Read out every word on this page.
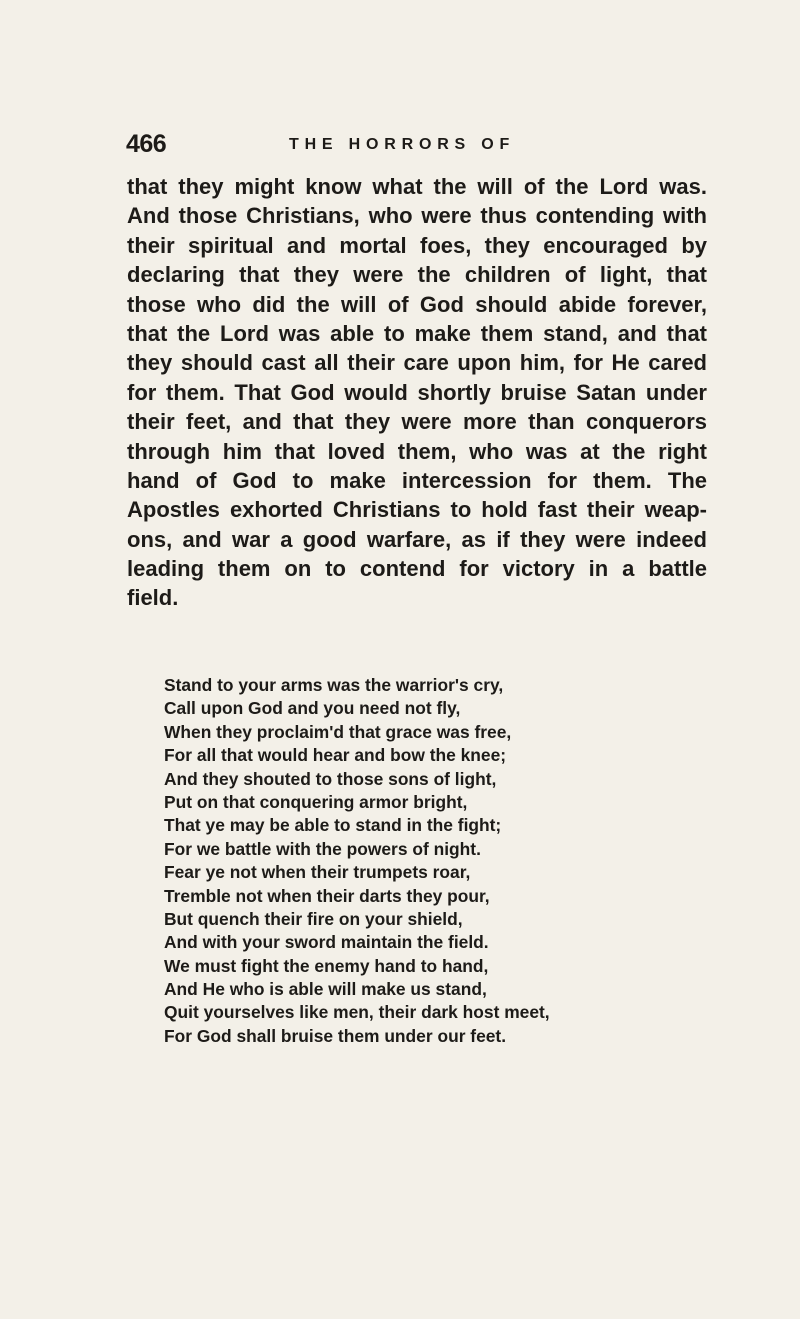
466	THE HORRORS OF
that they might know what the will of the Lord was.
And those Christians, who were thus contending with
their spiritual and mortal foes, they encouraged by
declaring that they were the children of light, that
those who did the will of God should abide forever,
that the Lord was able to make them stand, and that
they should cast all their care upon him, for He cared
for them. That God would shortly bruise Satan under
their feet, and that they were more than conquerors
through him that loved them, who was at the right
hand of God to make intercession for them. The
Apostles exhorted Christians to hold fast their weap-
ons, and war a good warfare, as if they were indeed
leading them on to contend for victory in a battle
field.
Stand to your arms was the warrior's cry,
Call upon God and you need not fly,
When they proclaim'd that grace was free,
For all that would hear and bow the knee;
And they shouted to those sons of light,
Put on that conquering armor bright,
That ye may be able to stand in the fight;
For we battle with the powers of night.
Fear ye not when their trumpets roar,
Tremble not when their darts they pour,
But quench their fire on your shield,
And with your sword maintain the field.
We must fight the enemy hand to hand,
And He who is able will make us stand,
Quit yourselves like men, their dark host meet,
For God shall bruise them under our feet.
